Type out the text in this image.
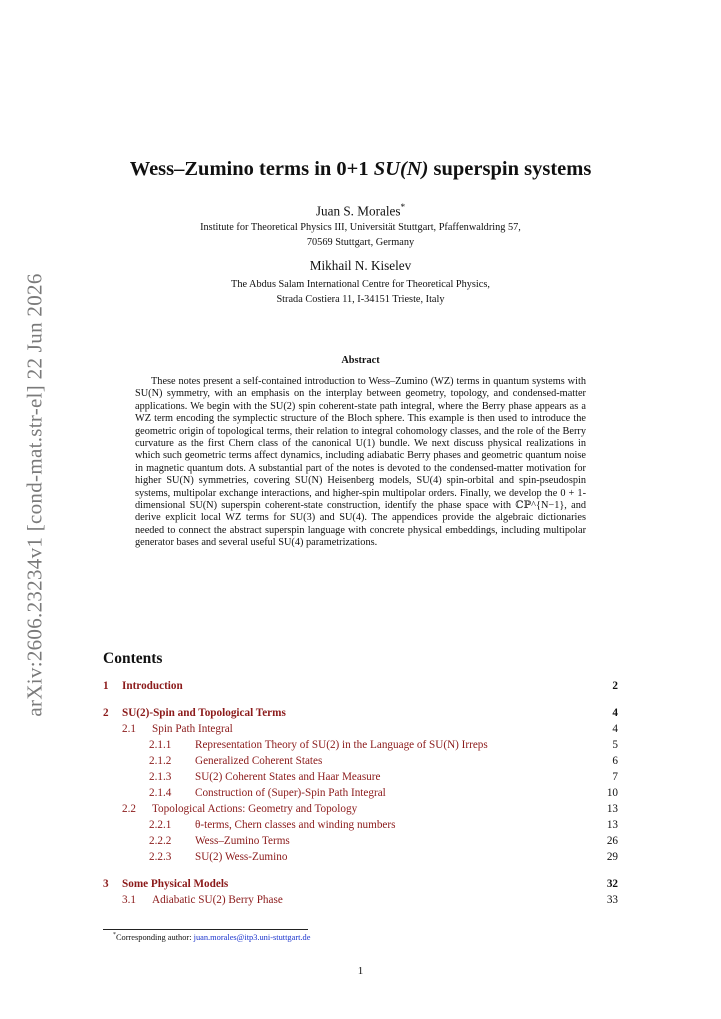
arXiv:2606.23234v1 [cond-mat.str-el] 22 Jun 2026
Wess–Zumino terms in 0+1 SU(N) superspin systems
Juan S. Morales*
Institute for Theoretical Physics III, Universität Stuttgart, Pfaffenwaldring 57,
70569 Stuttgart, Germany
Mikhail N. Kiselev
The Abdus Salam International Centre for Theoretical Physics,
Strada Costiera 11, I-34151 Trieste, Italy
Abstract
These notes present a self-contained introduction to Wess–Zumino (WZ) terms in quantum systems with SU(N) symmetry, with an emphasis on the interplay between geometry, topology, and condensed-matter applications. We begin with the SU(2) spin coherent-state path integral, where the Berry phase appears as a WZ term encoding the symplectic structure of the Bloch sphere. This example is then used to introduce the geometric origin of topological terms, their relation to integral cohomology classes, and the role of the Berry curvature as the first Chern class of the canonical U(1) bundle. We next discuss physical realizations in which such geometric terms affect dynamics, including adiabatic Berry phases and geometric quantum noise in magnetic quantum dots. A substantial part of the notes is devoted to the condensed-matter motivation for higher SU(N) symmetries, covering SU(N) Heisenberg models, SU(4) spin-orbital and spin-pseudospin systems, multipolar exchange interactions, and higher-spin multipolar orders. Finally, we develop the 0 + 1-dimensional SU(N) superspin coherent-state construction, identify the phase space with ℂℙ^{N−1}, and derive explicit local WZ terms for SU(3) and SU(4). The appendices provide the algebraic dictionaries needed to connect the abstract superspin language with concrete physical embeddings, including multipolar generator bases and several useful SU(4) parametrizations.
Contents
1 Introduction	2
2 SU(2)-Spin and Topological Terms	4
2.1 Spin Path Integral	4
2.1.1 Representation Theory of SU(2) in the Language of SU(N) Irreps	5
2.1.2 Generalized Coherent States	6
2.1.3 SU(2) Coherent States and Haar Measure	7
2.1.4 Construction of (Super)-Spin Path Integral	10
2.2 Topological Actions: Geometry and Topology	13
2.2.1 θ-terms, Chern classes and winding numbers	13
2.2.2 Wess–Zumino Terms	26
2.2.3 SU(2) Wess-Zumino	29
3 Some Physical Models	32
3.1 Adiabatic SU(2) Berry Phase	33
*Corresponding author: juan.morales@itp3.uni-stuttgart.de
1
